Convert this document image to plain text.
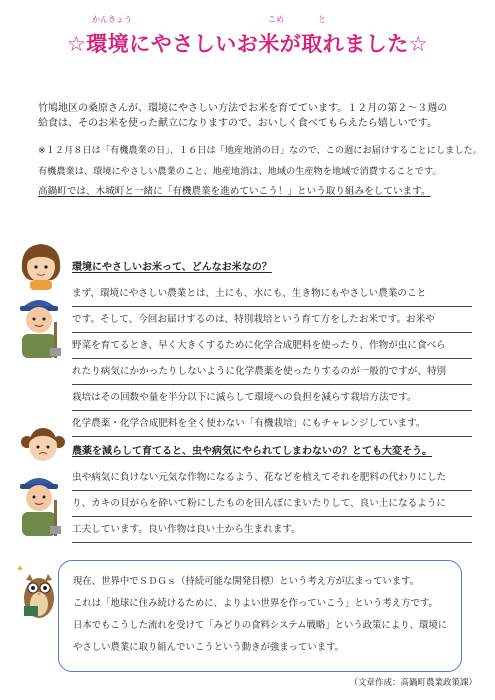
かんきょう	こめ	と
☆環境にやさしいお米が取れました☆

竹鳩地区の桑原さんが、環境にやさしい方法でお米を育てています。１２月の第２～３週の
給食は、そのお米を使った献立になりますので、おいしく食べてもらえたら嬉しいです。

※１２月８日は「有機農業の日」、１６日は「地産地消の日」なので、この週にお届けすることにしました。

有機農業は、環境にやさしい農業のこと、地産地消は、地域の生産物を地域で消費することです。

高鍋町では、木城町と一緒に「有機農業を進めていこう！」という取り組みをしています。

環境にやさしいお米って、どんなお米なの？
まず、環境にやさしい農業とは、土にも、水にも、生き物にもやさしい農業のこと
です。そして、今回お届けするのは、特別栽培という育て方をしたお米です。お米や
野菜を育てるとき、早く大きくするために化学合成肥料を使ったり、作物が虫に食べら
れたり病気にかかったりしないように化学農薬を使ったりするのが一般的ですが、特別
栽培はその回数や量を半分以下に減らして環境への負担を減らす栽培方法です。
化学農薬・化学合成肥料を全く使わない「有機栽培」にもチャレンジしています。
農薬を減らして育てると、虫や病気にやられてしまわないの？とても大変そう。
虫や病気に負けない元気な作物になるよう、花などを植えてそれを肥料の代わりにした
り、カキの貝がらを砕いて粉にしたものを田んぼにまいたりして、良い土になるように
工夫しています。良い作物は良い土から生まれます。
✦
現在、世界中でＳＤＧｓ（持続可能な開発目標）という考え方が広まっています。
これは「地球に住み続けるために、よりよい世界を作っていこう」という考え方です。
日本でもこうした流れを受けて「みどりの食料システム戦略」という政策により、環境に
やさしい農業に取り組んでいこうという動きが強まっています。
（文章作成：高鍋町農業政策課）
